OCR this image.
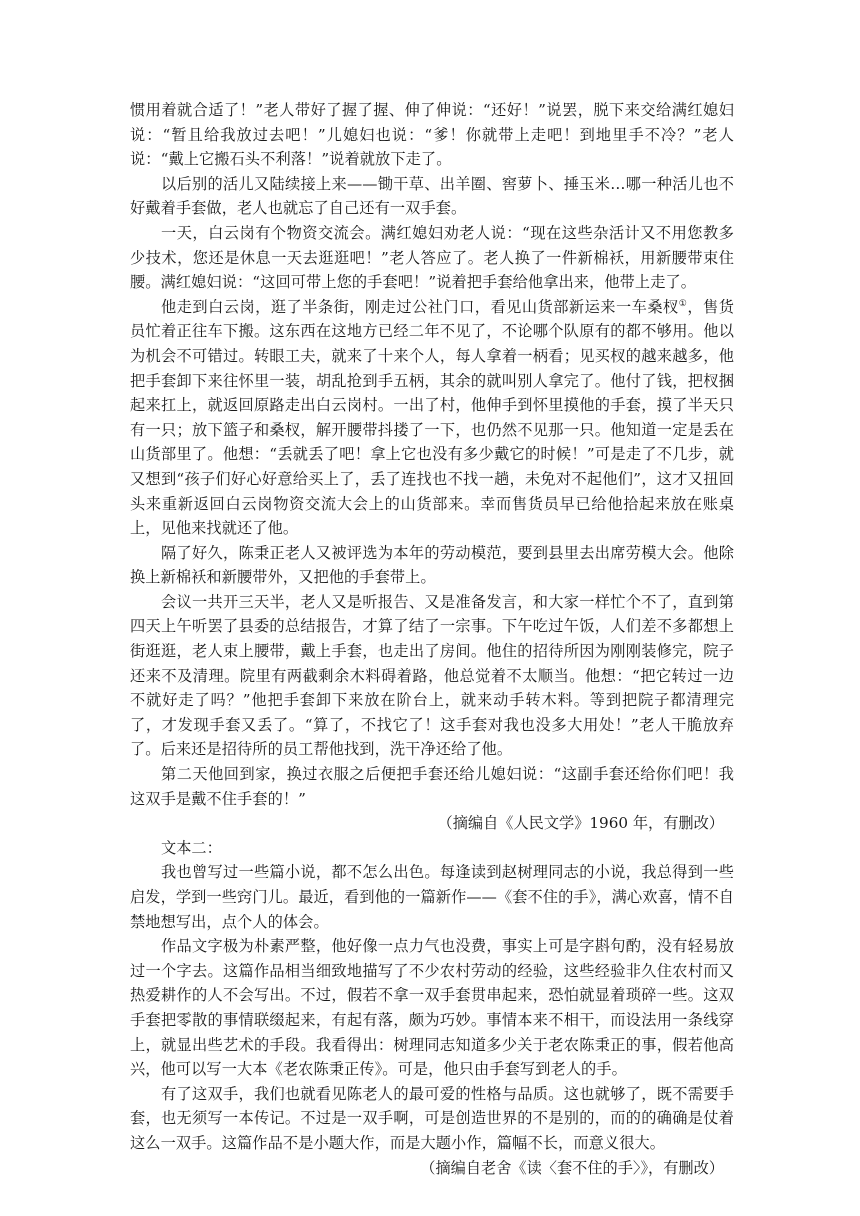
惯用着就合适了！”老人带好了握了握、伸了伸说：“还好！”说罢，脱下来交给满红媳妇说：“暂且给我放过去吧！”儿媳妇也说：“爹！你就带上走吧！到地里手不冷？”老人说：“戴上它搬石头不利落！”说着就放下走了。

以后别的活儿又陆续接上来——锄干草、出羊圈、窖萝卜、捶玉米…哪一种活儿也不好戴着手套做，老人也就忘了自己还有一双手套。

一天，白云岗有个物资交流会。满红媳妇劝老人说：“现在这些杂活计又不用您教多少技术，您还是休息一天去逛逛吧！”老人答应了。老人换了一件新棉袄，用新腰带束住腰。满红媳妇说：“这回可带上您的手套吧！”说着把手套给他拿出来，他带上走了。

他走到白云岗，逛了半条街，刚走过公社门口，看见山货部新运来一车桑杈①，售货员忙着正往车下搬。这东西在这地方已经二年不见了，不论哪个队原有的都不够用。他以为机会不可错过。转眼工夫，就来了十来个人，每人拿着一柄看；见买杈的越来越多，他把手套卸下来往怀里一装，胡乱抢到手五柄，其余的就叫别人拿完了。他付了钱，把杈捆起来扛上，就返回原路走出白云岗村。一出了村，他伸手到怀里摸他的手套，摸了半天只有一只；放下篮子和桑杈，解开腰带抖搂了一下，也仍然不见那一只。他知道一定是丢在山货部里了。他想：“丢就丢了吧！拿上它也没有多少戴它的时候！”可是走了不几步，就又想到“孩子们好心好意给买上了，丢了连找也不找一趟，未免对不起他们”，这才又扭回头来重新返回白云岗物资交流大会上的山货部来。幸而售货员早已给他拾起来放在账桌上，见他来找就还了他。

隔了好久，陈秉正老人又被评选为本年的劳动模范，要到县里去出席劳模大会。他除换上新棉袄和新腰带外，又把他的手套带上。

会议一共开三天半，老人又是听报告、又是准备发言，和大家一样忙个不了，直到第四天上午听罢了县委的总结报告，才算了结了一宗事。下午吃过午饭，人们差不多都想上街逛逛，老人束上腰带，戴上手套，也走出了房间。他住的招待所因为刚刚装修完，院子还来不及清理。院里有两截剩余木料碍着路，他总觉着不太顺当。他想：“把它转过一边不就好走了吗？”他把手套卸下来放在阶台上，就来动手转木料。等到把院子都清理完了，才发现手套又丢了。“算了，不找它了！这手套对我也没多大用处！”老人干脆放弃了。后来还是招待所的员工帮他找到，洗干净还给了他。

第二天他回到家，换过衣服之后便把手套还给儿媳妇说：“这副手套还给你们吧！我这双手是戴不住手套的！”

（摘编自《人民文学》1960 年，有删改）

文本二：

我也曾写过一些篇小说，都不怎么出色。每逢读到赵树理同志的小说，我总得到一些启发，学到一些窍门儿。最近，看到他的一篇新作——《套不住的手》，满心欢喜，情不自禁地想写出，点个人的体会。

作品文字极为朴素严整，他好像一点力气也没费，事实上可是字斟句酌，没有轻易放过一个字去。这篇作品相当细致地描写了不少农村劳动的经验，这些经验非久住农村而又热爱耕作的人不会写出。不过，假若不拿一双手套贯串起来，恐怕就显着琐碎一些。这双手套把零散的事情联缀起来，有起有落，颇为巧妙。事情本来不相干，而设法用一条线穿上，就显出些艺术的手段。我看得出：树理同志知道多少关于老农陈秉正的事，假若他高兴，他可以写一大本《老农陈秉正传》。可是，他只由手套写到老人的手。

有了这双手，我们也就看见陈老人的最可爱的性格与品质。这也就够了，既不需要手套，也无须写一本传记。不过是一双手啊，可是创造世界的不是别的，而的的确确是仗着这么一双手。这篇作品不是小题大作，而是大题小作，篇幅不长，而意义很大。

（摘编自老舍《读〈套不住的手〉》，有删改）
